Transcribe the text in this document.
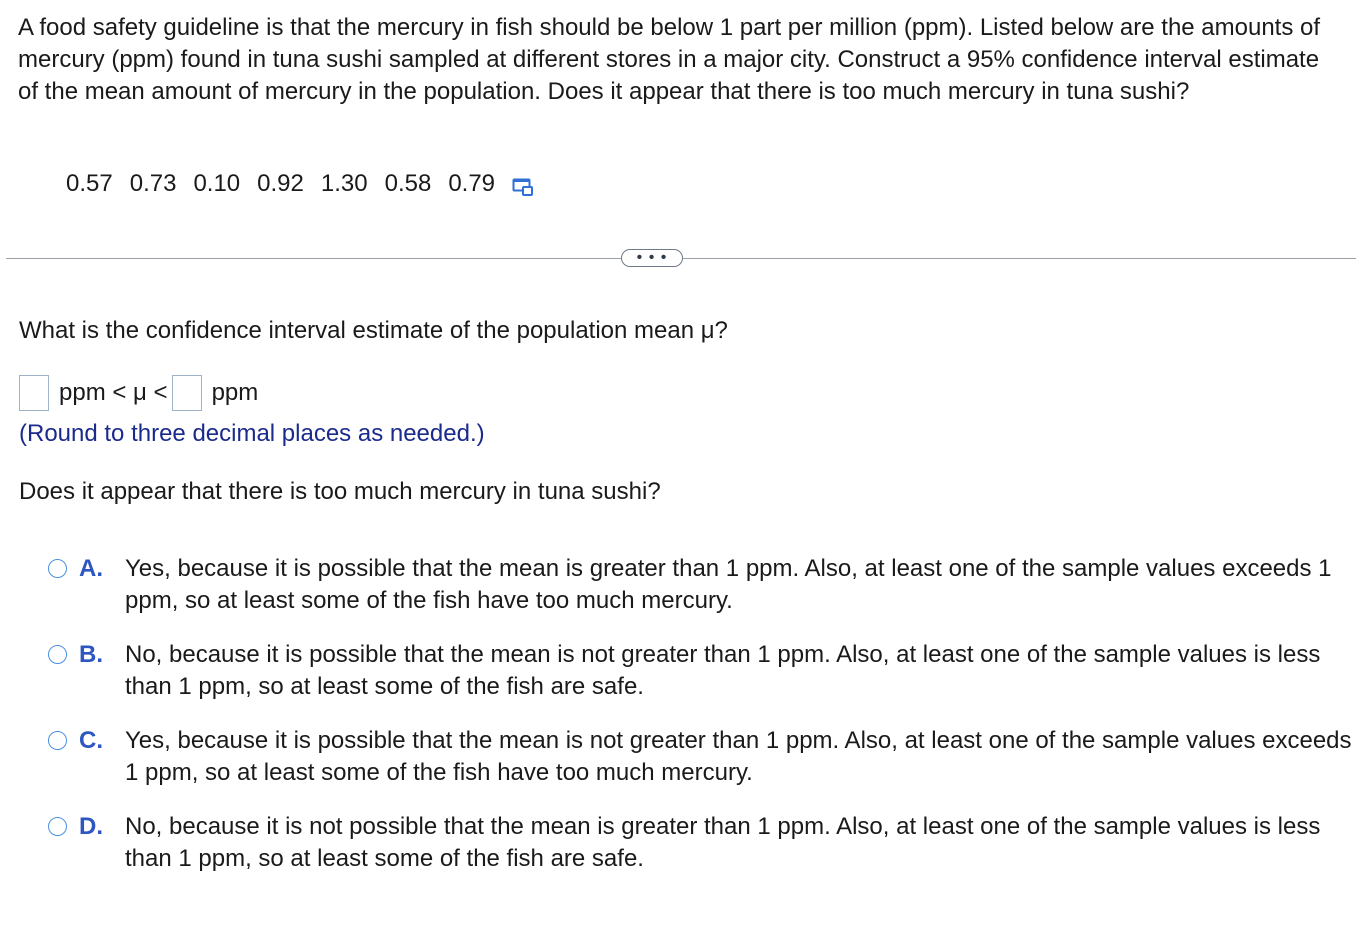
A food safety guideline is that the mercury in fish should be below 1 part per million (ppm). Listed below are the amounts of mercury (ppm) found in tuna sushi sampled at different stores in a major city. Construct a 95% confidence interval estimate of the mean amount of mercury in the population. Does it appear that there is too much mercury in tuna sushi?
0.57 0.73 0.10 0.92 1.30 0.58 0.79
• • •
What is the confidence interval estimate of the population mean μ?
ppm < μ < ppm
(Round to three decimal places as needed.)
Does it appear that there is too much mercury in tuna sushi?
A. Yes, because it is possible that the mean is greater than 1 ppm. Also, at least one of the sample values exceeds 1 ppm, so at least some of the fish have too much mercury.
B. No, because it is possible that the mean is not greater than 1 ppm. Also, at least one of the sample values is less than 1 ppm, so at least some of the fish are safe.
C. Yes, because it is possible that the mean is not greater than 1 ppm. Also, at least one of the sample values exceeds 1 ppm, so at least some of the fish have too much mercury.
D. No, because it is not possible that the mean is greater than 1 ppm. Also, at least one of the sample values is less than 1 ppm, so at least some of the fish are safe.
